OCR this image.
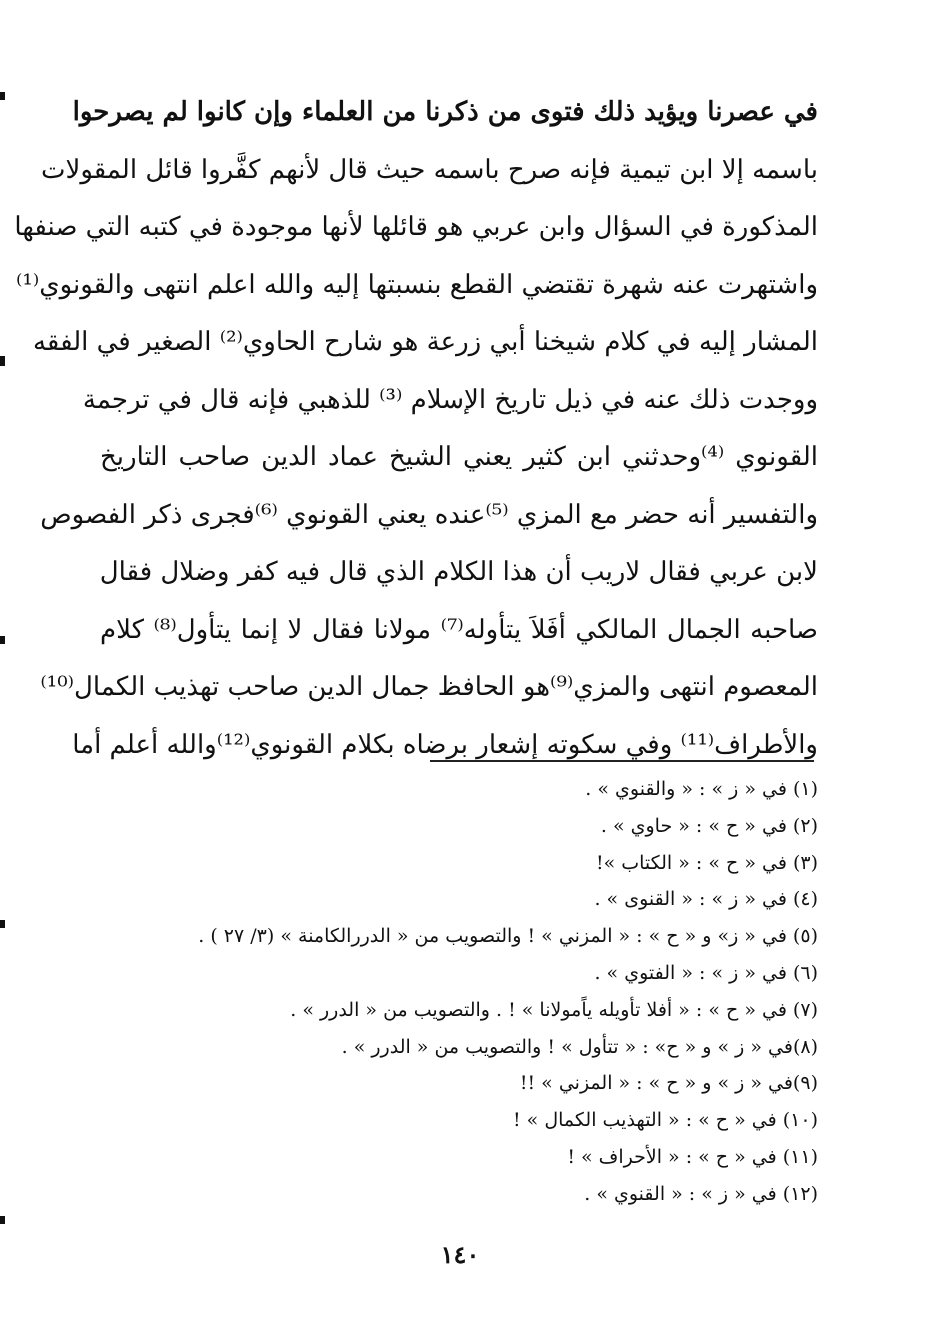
في عصرنا ويؤيد ذلك فتوى من ذكرنا من العلماء وإن كانوا لم يصرحوا
باسمه إلا ابن تيمية فإنه صرح باسمه حيث قال لأنهم كفَّروا قائل المقولات
المذكورة في السؤال وابن عربي هو قائلها لأنها موجودة في كتبه التي صنفها
واشتهرت عنه شهرة تقتضي القطع بنسبتها إليه والله اعلم انتهى والقونوي⁽¹⁾
المشار إليه في كلام شيخنا أبي زرعة هو شارح الحاوي⁽²⁾ الصغير في الفقه
ووجدت ذلك عنه في ذيل تاريخ الإسلام ⁽³⁾ للذهبي فإنه قال في ترجمة
القونوي ⁽⁴⁾وحدثني ابن كثير يعني الشيخ عماد الدين صاحب التاريخ
والتفسير أنه حضر مع المزي ⁽⁵⁾عنده يعني القونوي ⁽⁶⁾فجرى ذكر الفصوص
لابن عربي فقال لاريب أن هذا الكلام الذي قال فيه كفر وضلال فقال
صاحبه الجمال المالكي أفَلاَ يتأوله⁽⁷⁾ مولانا فقال لا إنما يتأول⁽⁸⁾ كلام
المعصوم انتهى والمزي⁽⁹⁾هو الحافظ جمال الدين صاحب تهذيب الكمال⁽¹⁰⁾
والأطراف⁽¹¹⁾ وفي سكوته إشعار برضاه بكلام القونوي⁽¹²⁾والله أعلم أما
(١) في « ز » : « والقنوي » .
(٢) في « ح » : « حاوي » .
(٣) في « ح » : « الكتاب »!
(٤) في « ز » : « القنوى » .
(٥) في « ز» و « ح » : « المزني » ! والتصويب من « الدررالكامنة » (٣/ ٢٧ ) .
(٦) في « ز » : « الفتوي » .
(٧) في « ح » : « أفلا تأويله ياًمولانا » ! . والتصويب من « الدرر » .
(٨)في « ز » و « ح» : « تتأول » ! والتصويب من « الدرر » .
(٩)في « ز » و « ح » : « المزني » !!
(١٠) في « ح » : « التهذيب الكمال » !
(١١) في « ح » : « الأحراف » !
(١٢) في « ز » : « القنوي » .
١٤٠
